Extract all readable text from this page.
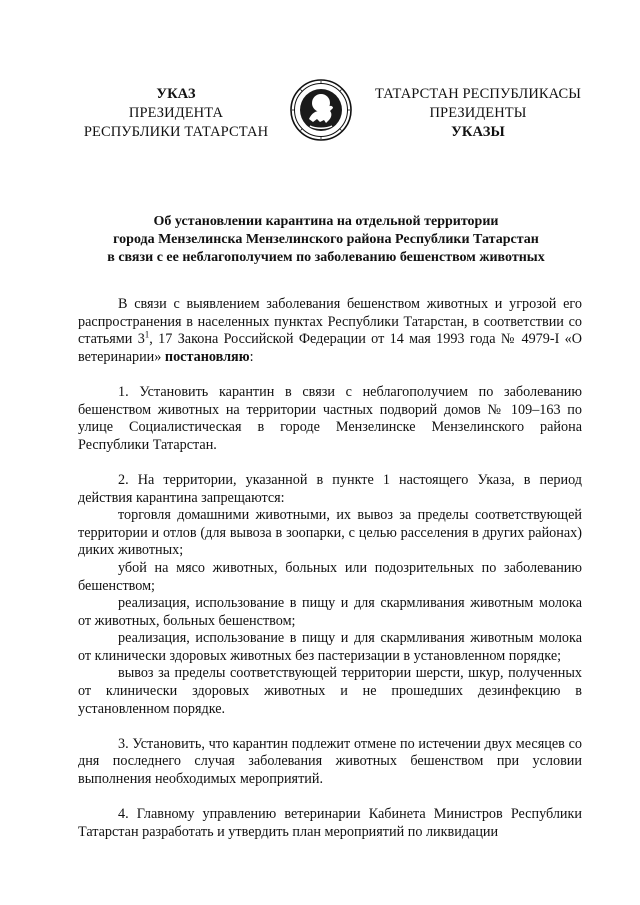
УКАЗ
ПРЕЗИДЕНТА
РЕСПУБЛИКИ ТАТАРСТАН
ТАТАРСТАН РЕСПУБЛИКАСЫ
ПРЕЗИДЕНТЫ
УКАЗЫ
Об установлении карантина на отдельной территории
города Мензелинска Мензелинского района Республики Татарстан
в связи с ее неблагополучием по заболеванию бешенством животных

В связи с выявлением заболевания бешенством животных и угрозой его распространения в населенных пунктах Республики Татарстан, в соответствии со статьями $3^1$, 17 Закона Российской Федерации от 14 мая 1993 года № 4979-I «О ветеринарии» постановляю:

1. Установить карантин в связи с неблагополучием по заболеванию бешенством животных на территории частных подворий домов № 109–163 по улице Социалистическая в городе Мензелинске Мензелинского района Республики Татарстан.

2. На территории, указанной в пункте 1 настоящего Указа, в период действия карантина запрещаются:

торговля домашними животными, их вывоз за пределы соответствующей территории и отлов (для вывоза в зоопарки, с целью расселения в других районах) диких животных;

убой на мясо животных, больных или подозрительных по заболеванию бешенством;

реализация, использование в пищу и для скармливания животным молока от животных, больных бешенством;

реализация, использование в пищу и для скармливания животным молока от клинически здоровых животных без пастеризации в установленном порядке;

вывоз за пределы соответствующей территории шерсти, шкур, полученных от клинически здоровых животных и не прошедших дезинфекцию в установленном порядке.

3. Установить, что карантин подлежит отмене по истечении двух месяцев со дня последнего случая заболевания животных бешенством при условии выполнения необходимых мероприятий.

4. Главному управлению ветеринарии Кабинета Министров Республики Татарстан разработать и утвердить план мероприятий по ликвидации
